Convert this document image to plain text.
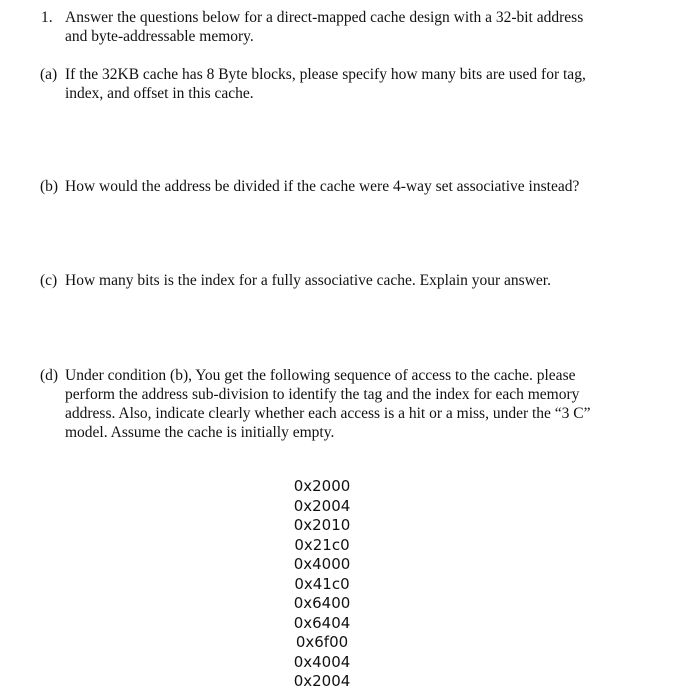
1. Answer the questions below for a direct-mapped cache design with a 32-bit address
and byte-addressable memory.

(a) If the 32KB cache has 8 Byte blocks, please specify how many bits are used for tag,
index, and offset in this cache.

(b) How would the address be divided if the cache were 4-way set associative instead?

(c) How many bits is the index for a fully associative cache. Explain your answer.

(d) Under condition (b), You get the following sequence of access to the cache. please
perform the address sub-division to identify the tag and the index for each memory
address. Also, indicate clearly whether each access is a hit or a miss, under the “3 C”
model. Assume the cache is initially empty.

0x2000
0x2004
0x2010
0x21c0
0x4000
0x41c0
0x6400
0x6404
0x6f00
0x4004
0x2004
